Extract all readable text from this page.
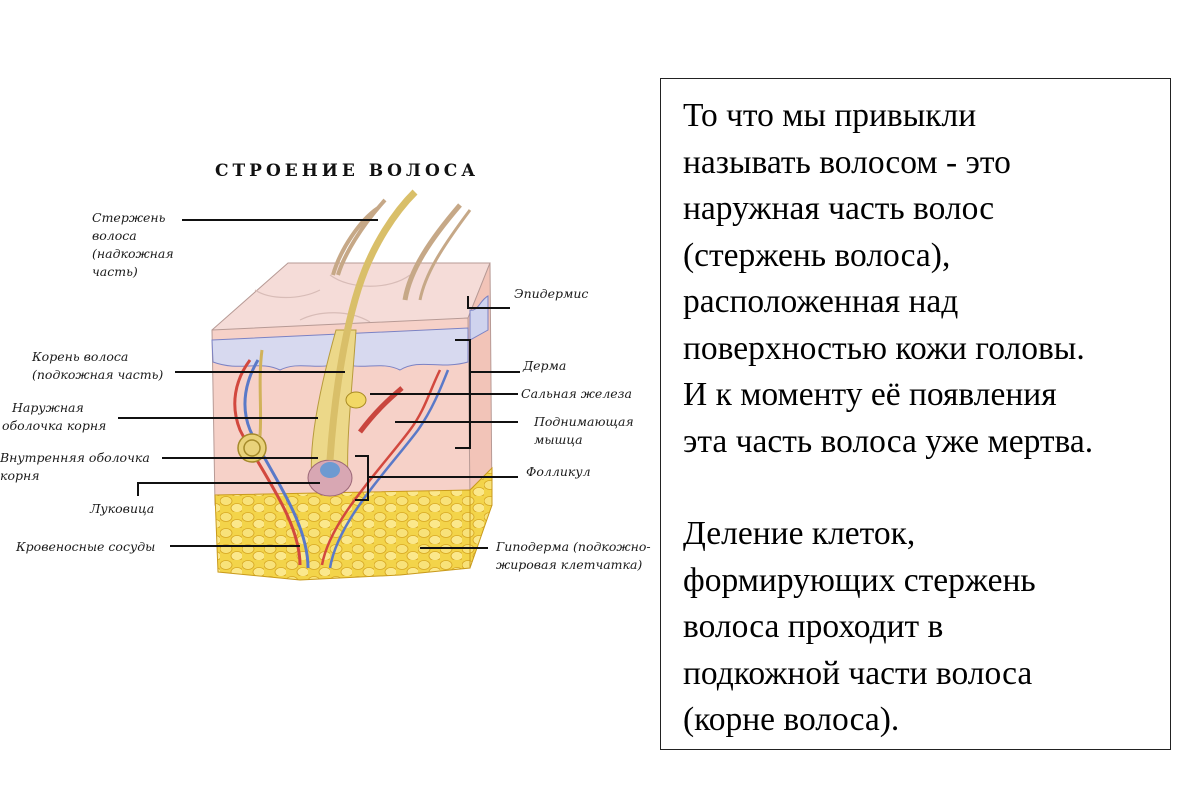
СТРОЕНИЕ ВОЛОСА
Стержень волоса (надкожная часть)
Корень волоса (подкожная часть)
Наружная оболочка корня
Внутренняя оболочка корня
Луковица
Кровеносные сосуды
Эпидермис
Дерма
Сальная железа
Поднимающая мышца
Фолликул
Гиподерма (подкожно- жировая клетчатка)

То что мы привыкли

называть волосом - это

наружная часть волос

(стержень волоса),

расположенная над

поверхностью кожи головы.

И к моменту её появления

эта часть волоса уже мертва.

Деление клеток,

формирующих стержень

волоса проходит в

подкожной части волоса

(корне волоса).
